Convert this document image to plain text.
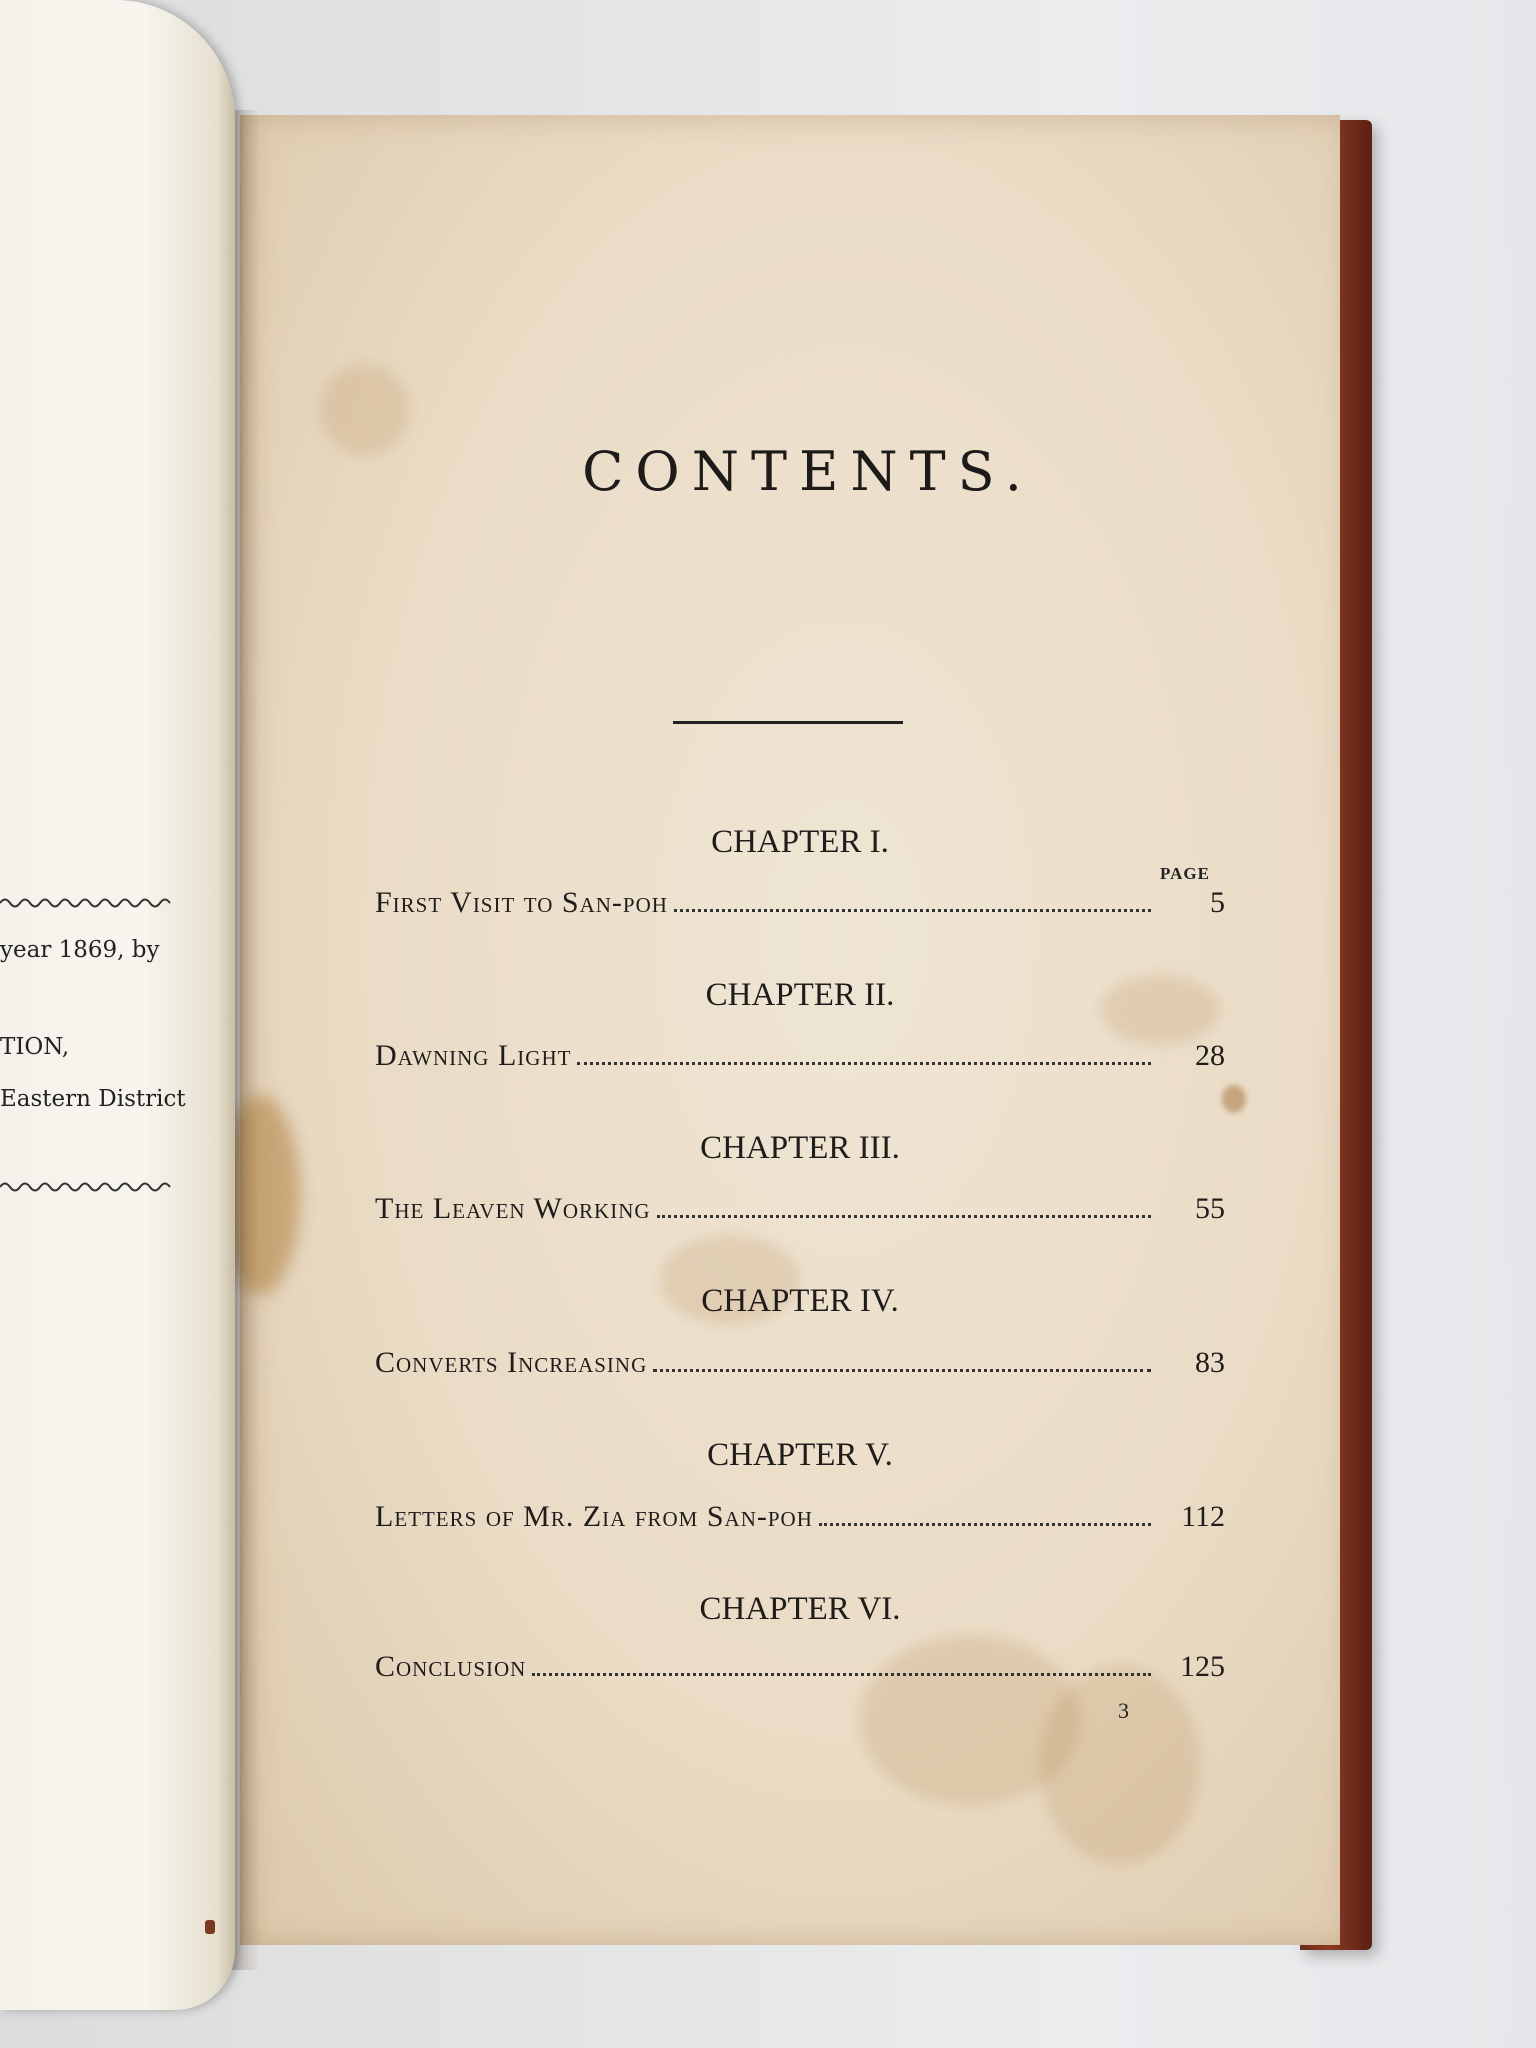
year 1869, by
TION,
Eastern District
CONTENTS.
PAGE
CHAPTER I.
First Visit to San-poh	5
CHAPTER II.
Dawning Light	28
CHAPTER III.
The Leaven Working	55
CHAPTER IV.
Converts Increasing	83
CHAPTER V.
Letters of Mr. Zia from San-poh	112
CHAPTER VI.
Conclusion	125
3
